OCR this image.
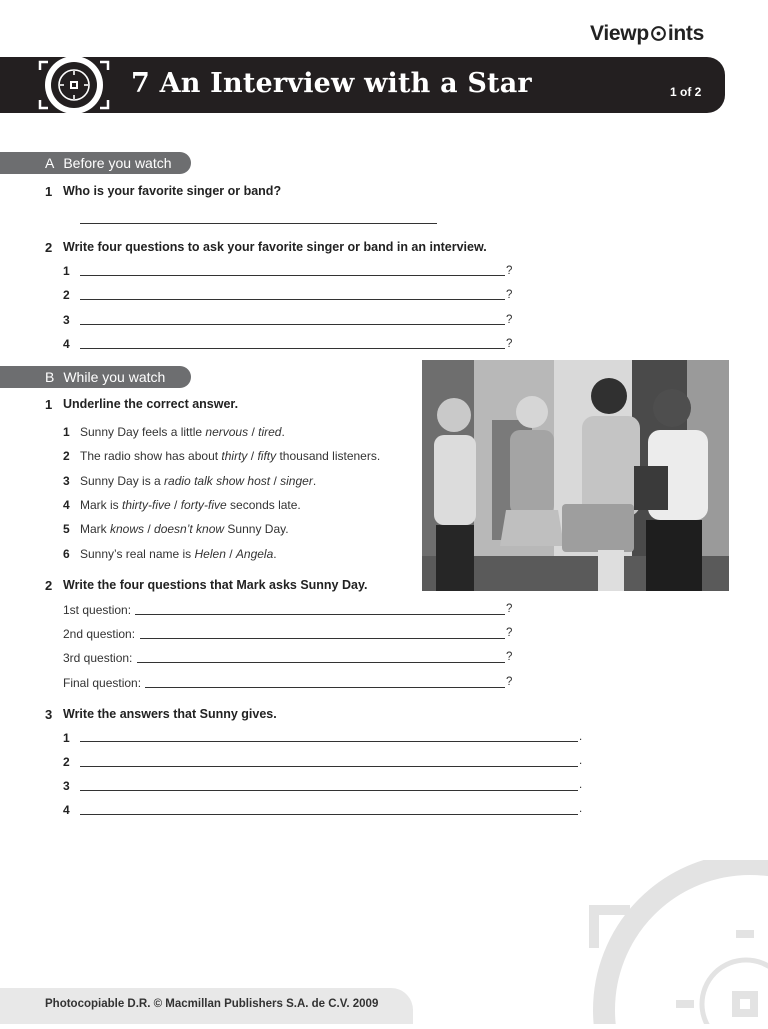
Viewp ints
7 An Interview with a Star	1 of 2
A Before you watch
1 Who is your favorite singer or band?
2 Write four questions to ask your favorite singer or band in an interview.
1	?
2	?
3	?
4	?
B While you watch
1 Underline the correct answer.
1 Sunny Day feels a little nervous / tired.
2 The radio show has about thirty / fifty thousand listeners.
3 Sunny Day is a radio talk show host / singer.
4 Mark is thirty-five / forty-five seconds late.
5 Mark knows / doesn’t know Sunny Day.
6 Sunny’s real name is Helen / Angela.
2 Write the four questions that Mark asks Sunny Day.
1st question:	?
2nd question:	?
3rd question:	?
Final question:	?
3 Write the answers that Sunny gives.
1	.
2	.
3	.
4	.
Photocopiable D.R. © Macmillan Publishers S.A. de C.V. 2009
